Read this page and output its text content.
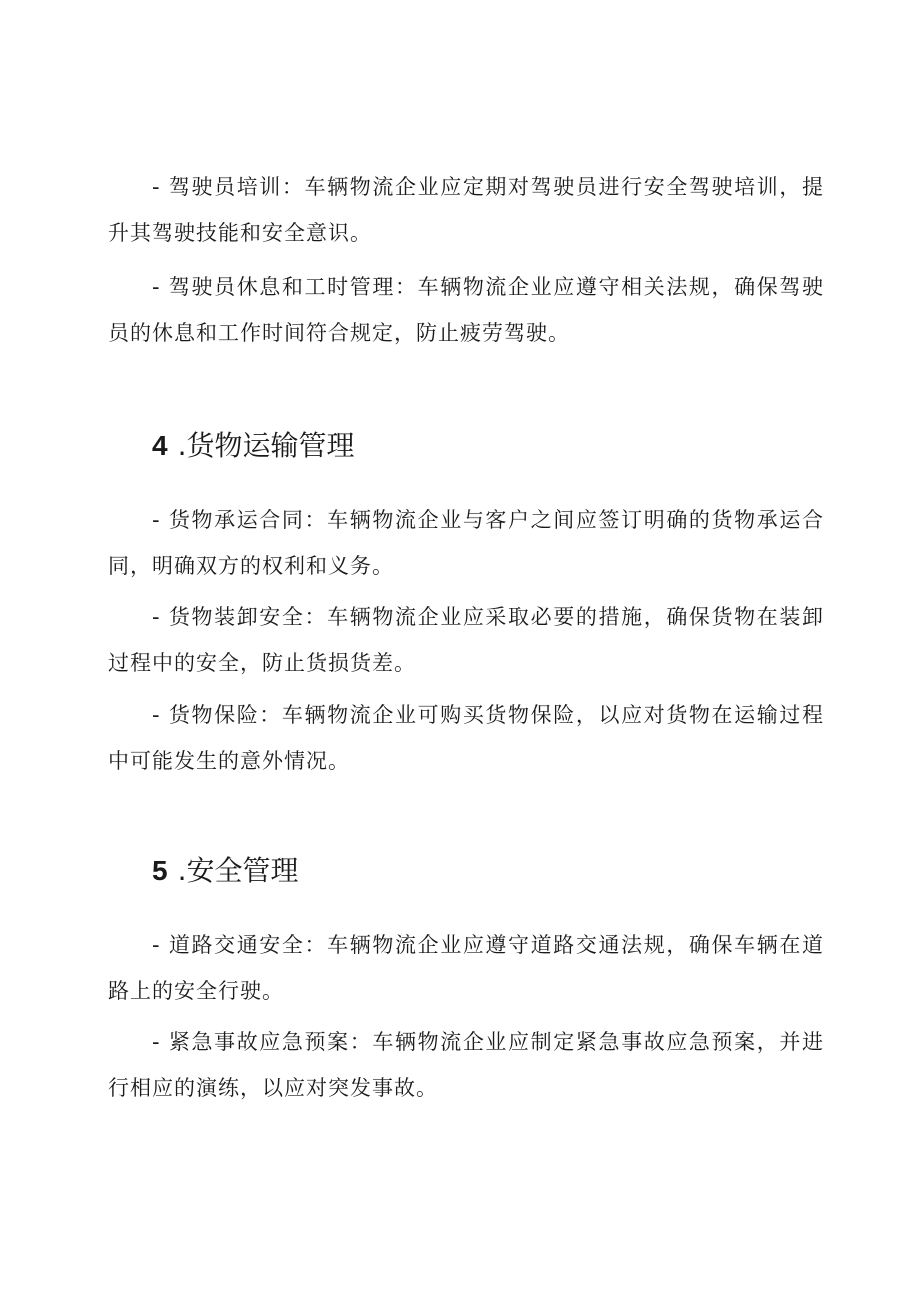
- 驾驶员培训：车辆物流企业应定期对驾驶员进行安全驾驶培训，提升其驾驶技能和安全意识。

- 驾驶员休息和工时管理：车辆物流企业应遵守相关法规，确保驾驶员的休息和工作时间符合规定，防止疲劳驾驶。

4 .货物运输管理

- 货物承运合同：车辆物流企业与客户之间应签订明确的货物承运合同，明确双方的权利和义务。

- 货物装卸安全：车辆物流企业应采取必要的措施，确保货物在装卸过程中的安全，防止货损货差。

- 货物保险：车辆物流企业可购买货物保险，以应对货物在运输过程中可能发生的意外情况。

5 .安全管理

- 道路交通安全：车辆物流企业应遵守道路交通法规，确保车辆在道路上的安全行驶。

- 紧急事故应急预案：车辆物流企业应制定紧急事故应急预案，并进行相应的演练，以应对突发事故。
